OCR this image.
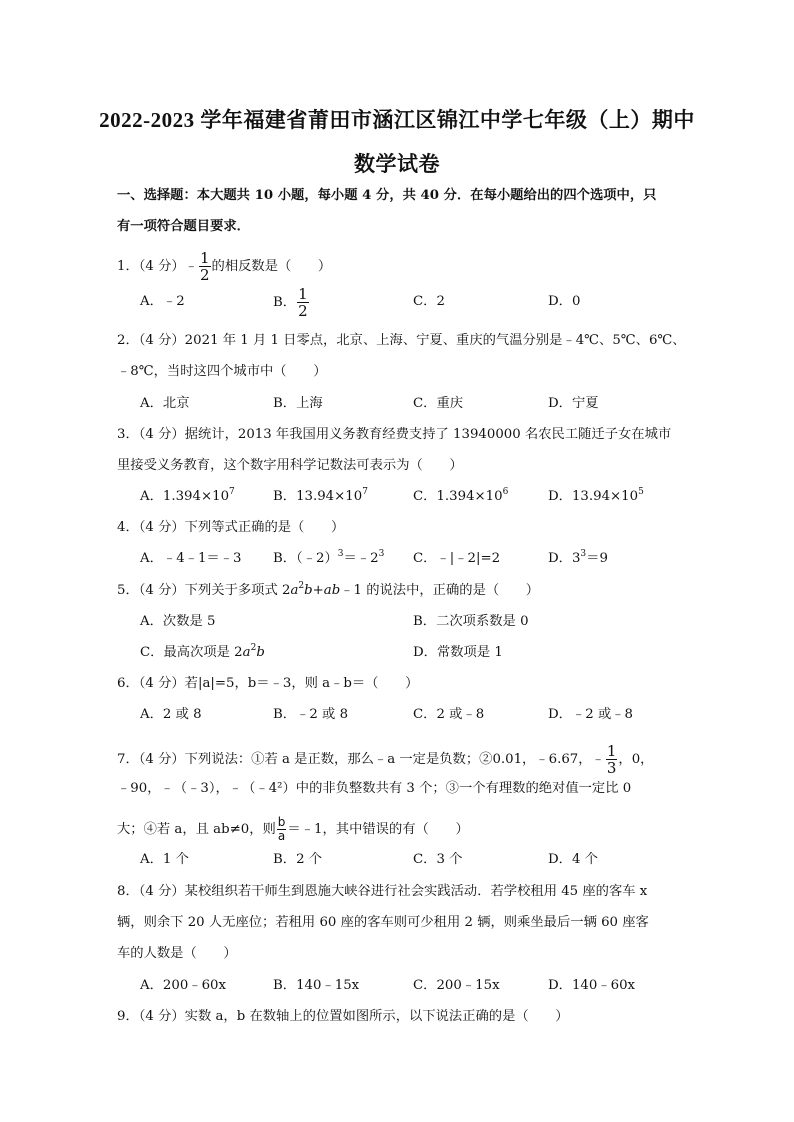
2022-2023 学年福建省莆田市涵江区锦江中学七年级（上）期中
数学试卷
一、选择题：本大题共 10 小题，每小题 4 分，共 40 分．在每小题给出的四个选项中，只
有一项符合题目要求．
1．（4 分）﹣ $\frac{1}{2}$ 的相反数是（　　）
A．﹣2	B． $\frac{1}{2}$	C．2	D．0
2．（4 分）2021 年 1 月 1 日零点，北京、上海、宁夏、重庆的气温分别是﹣4℃、5℃、6℃、
﹣8℃，当时这四个城市中（　　）
A．北京	B．上海	C．重庆	D．宁夏
3．（4 分）据统计，2013 年我国用义务教育经费支持了 13940000 名农民工随迁子女在城市
里接受义务教育，这个数字用科学记数法可表示为（　　）
A．$1.394\times 10^7$	B．$13.94\times 10^7$	C．$1.394\times 10^6$	D．$13.94\times 10^5$
4．（4 分）下列等式正确的是（　　）
A．﹣4﹣1＝﹣3 B．$(﹣2)^3=﹣2^3$ C．﹣|﹣2|=2	D．$3^3=9$
5．（4 分）下列关于多项式 $2a^2b+ab﹣1$ 的说法中，正确的是（　　）
A．次数是 5	B．二次项系数是 0
C．最高次项是 $2a^2b$	D．常数项是 1
6．（4 分）若|a|=5，b＝﹣3，则 a﹣b＝（　　）
A．2 或 8	B．﹣2 或 8	C．2 或﹣8	D．﹣2 或﹣8
7．（4 分）下列说法：①若 a 是正数，那么﹣a 一定是负数；②0.01，﹣6.67，﹣ $\frac{1}{3}$ ，0，
﹣90，﹣（﹣3），﹣（﹣4²）中的非负整数共有 3 个；③一个有理数的绝对值一定比 0
大；④若 a，且 ab≠0，则 $\frac{b}{a}$ ＝﹣1，其中错误的有（　　）
A．1 个	B．2 个	C．3 个	D．4 个
8．（4 分）某校组织若干师生到恩施大峡谷进行社会实践活动．若学校租用 45 座的客车 x
辆，则余下 20 人无座位；若租用 60 座的客车则可少租用 2 辆，则乘坐最后一辆 60 座客
车的人数是（　　）
A．200﹣60x	B．140﹣15x	C．200﹣15x	D．140﹣60x
9．（4 分）实数 a，b 在数轴上的位置如图所示，以下说法正确的是（　　）
